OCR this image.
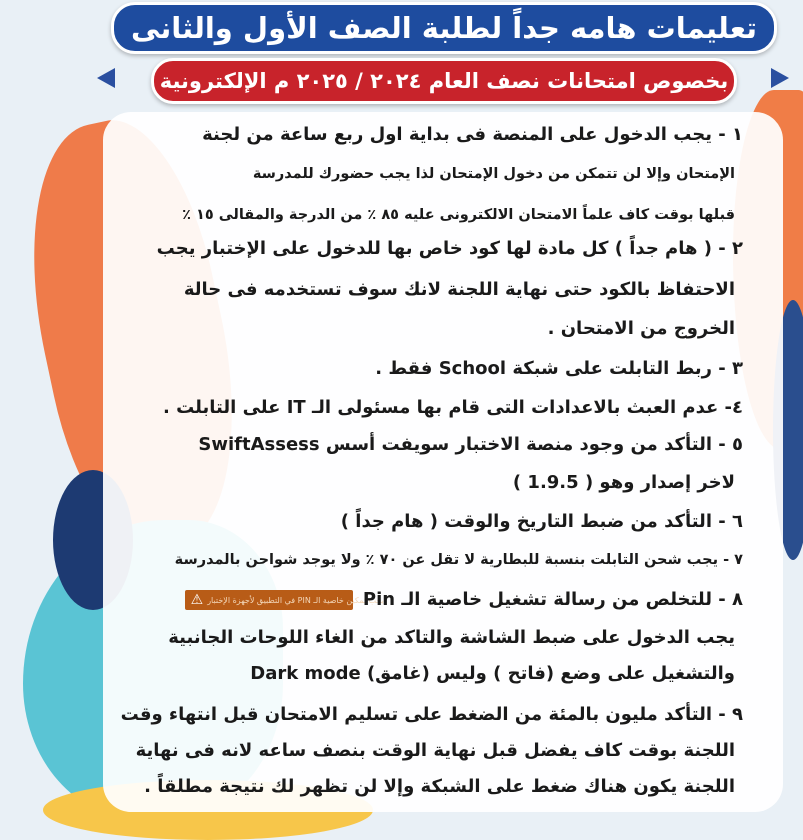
تعليمات هامه جداً لطلبة الصف الأول والثانى
بخصوص امتحانات نصف العام ٢٠٢٤ / ٢٠٢٥ م الإلكترونية
١ - يجب الدخول على المنصة فى بداية اول ربع ساعة من لجنة
الإمتحان وإلا لن تتمكن من دخول الإمتحان لذا يجب حضورك للمدرسة
قبلها بوقت كاف علماً الامتحان الالكترونى عليه ٨٥ ٪ من الدرجة والمقالى ١٥ ٪
٢ - ( هام جداً ) كل مادة لها كود خاص بها للدخول على الإختبار يجب
الاحتفاظ بالكود حتى نهاية اللجنة لانك سوف تستخدمه فى حالة
الخروج من الامتحان .
٣ - ربط التابلت على شبكة School فقط .
٤- عدم العبث بالاعدادات التى قام بها مسئولى الـ IT على التابلت .
٥ - التأكد من وجود منصة الاختبار سويفت أسس SwiftAssess
لاخر إصدار وهو ( 1.9.5 )
٦ - التأكد من ضبط التاريخ والوقت ( هام جداً )
٧ - يجب شحن التابلت بنسبة للبطارية لا تقل عن ٧٠ ٪ ولا يوجد شواحن بالمدرسة
٨ - للتخلص من رسالة تشغيل خاصية الـ Pin
⚠ يجب تمكين خاصية الـ PIN في التطبيق لأجهزة الإختبار
يجب الدخول على ضبط الشاشة والتاكد من الغاء اللوحات الجانبية
والتشغيل على وضع (فاتح ) وليس (غامق) Dark mode
٩ - التأكد مليون بالمئة من الضغط على تسليم الامتحان قبل انتهاء وقت
اللجنة بوقت كاف يفضل قبل نهاية الوقت بنصف ساعه لانه فى نهاية
اللجنة يكون هناك ضغط على الشبكة وإلا لن تظهر لك نتيجة مطلقاً .
